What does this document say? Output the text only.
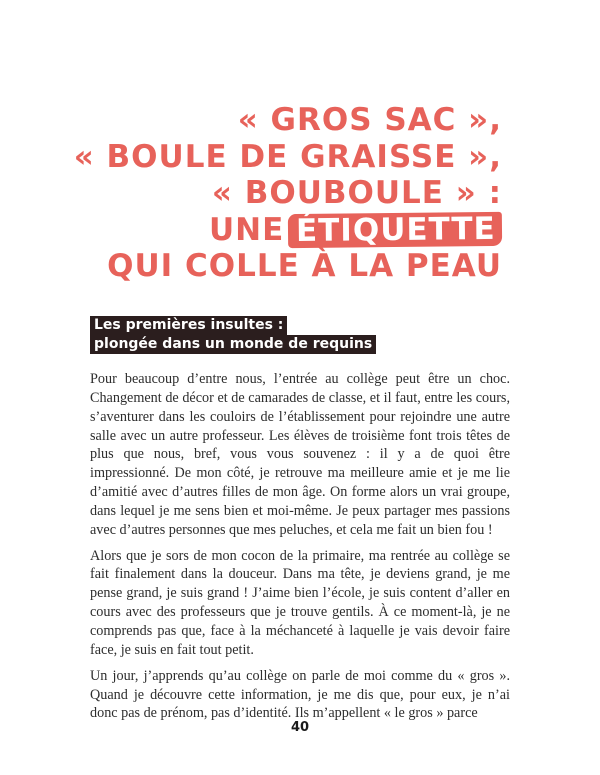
« GROS SAC »,
« BOULE DE GRAISSE »,
« BOUBOULE » :
UNE ÉTIQUETTE
QUI COLLE À LA PEAU
Les premières insultes :
plongée dans un monde de requins

Pour beaucoup d’entre nous, l’entrée au collège peut être un choc. Changement de décor et de camarades de classe, et il faut, entre les cours, s’aventurer dans les couloirs de l’établissement pour rejoindre une autre salle avec un autre professeur. Les élèves de troisième font trois têtes de plus que nous, bref, vous vous souvenez : il y a de quoi être impressionné. De mon côté, je retrouve ma meilleure amie et je me lie d’amitié avec d’autres filles de mon âge. On forme alors un vrai groupe, dans lequel je me sens bien et moi-même. Je peux partager mes passions avec d’autres personnes que mes peluches, et cela me fait un bien fou !

Alors que je sors de mon cocon de la primaire, ma rentrée au collège se fait finalement dans la douceur. Dans ma tête, je deviens grand, je me pense grand, je suis grand ! J’aime bien l’école, je suis content d’aller en cours avec des professeurs que je trouve gentils. À ce moment-là, je ne comprends pas que, face à la méchanceté à laquelle je vais devoir faire face, je suis en fait tout petit.

Un jour, j’apprends qu’au collège on parle de moi comme du « gros ». Quand je découvre cette information, je me dis que, pour eux, je n’ai donc pas de prénom, pas d’identité. Ils m’appellent « le gros » parce

40
